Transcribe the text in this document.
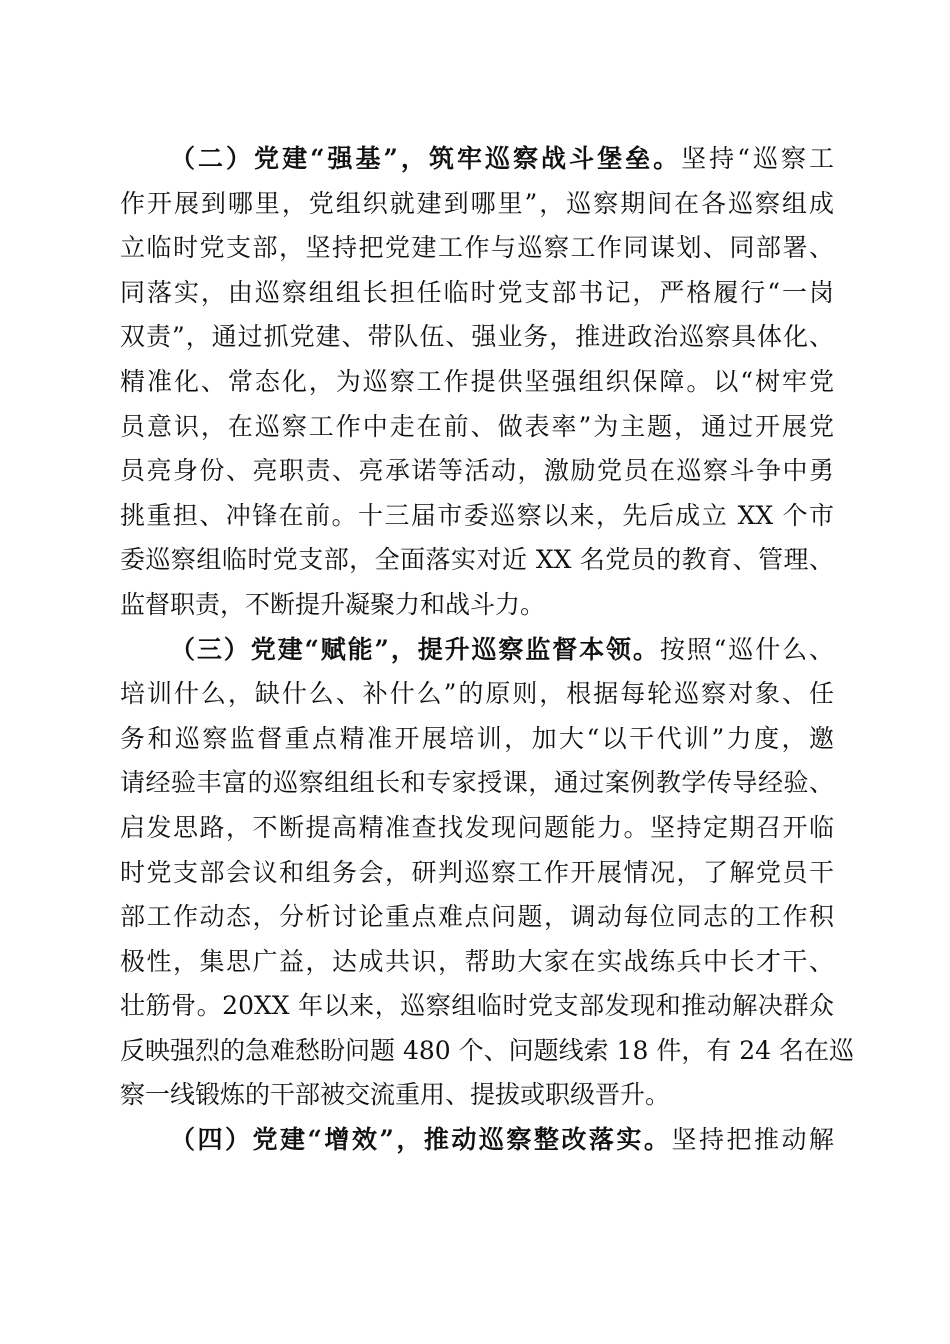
（二）党建“强基”，筑牢巡察战斗堡垒。坚持“巡察工
作开展到哪里，党组织就建到哪里”，巡察期间在各巡察组成
立临时党支部，坚持把党建工作与巡察工作同谋划、同部署、
同落实，由巡察组组长担任临时党支部书记，严格履行“一岗
双责”，通过抓党建、带队伍、强业务，推进政治巡察具体化、
精准化、常态化，为巡察工作提供坚强组织保障。以“树牢党
员意识，在巡察工作中走在前、做表率”为主题，通过开展党
员亮身份、亮职责、亮承诺等活动，激励党员在巡察斗争中勇
挑重担、冲锋在前。十三届市委巡察以来，先后成立 XX 个市
委巡察组临时党支部，全面落实对近 XX 名党员的教育、管理、
监督职责，不断提升凝聚力和战斗力。
（三）党建“赋能”，提升巡察监督本领。按照“巡什么、
培训什么，缺什么、补什么”的原则，根据每轮巡察对象、任
务和巡察监督重点精准开展培训，加大“以干代训”力度，邀
请经验丰富的巡察组组长和专家授课，通过案例教学传导经验、
启发思路，不断提高精准查找发现问题能力。坚持定期召开临
时党支部会议和组务会，研判巡察工作开展情况，了解党员干
部工作动态，分析讨论重点难点问题，调动每位同志的工作积
极性，集思广益，达成共识，帮助大家在实战练兵中长才干、
壮筋骨。20XX 年以来，巡察组临时党支部发现和推动解决群众
反映强烈的急难愁盼问题 480 个、问题线索 18 件，有 24 名在巡
察一线锻炼的干部被交流重用、提拔或职级晋升。
（四）党建“增效”，推动巡察整改落实。坚持把推动解
